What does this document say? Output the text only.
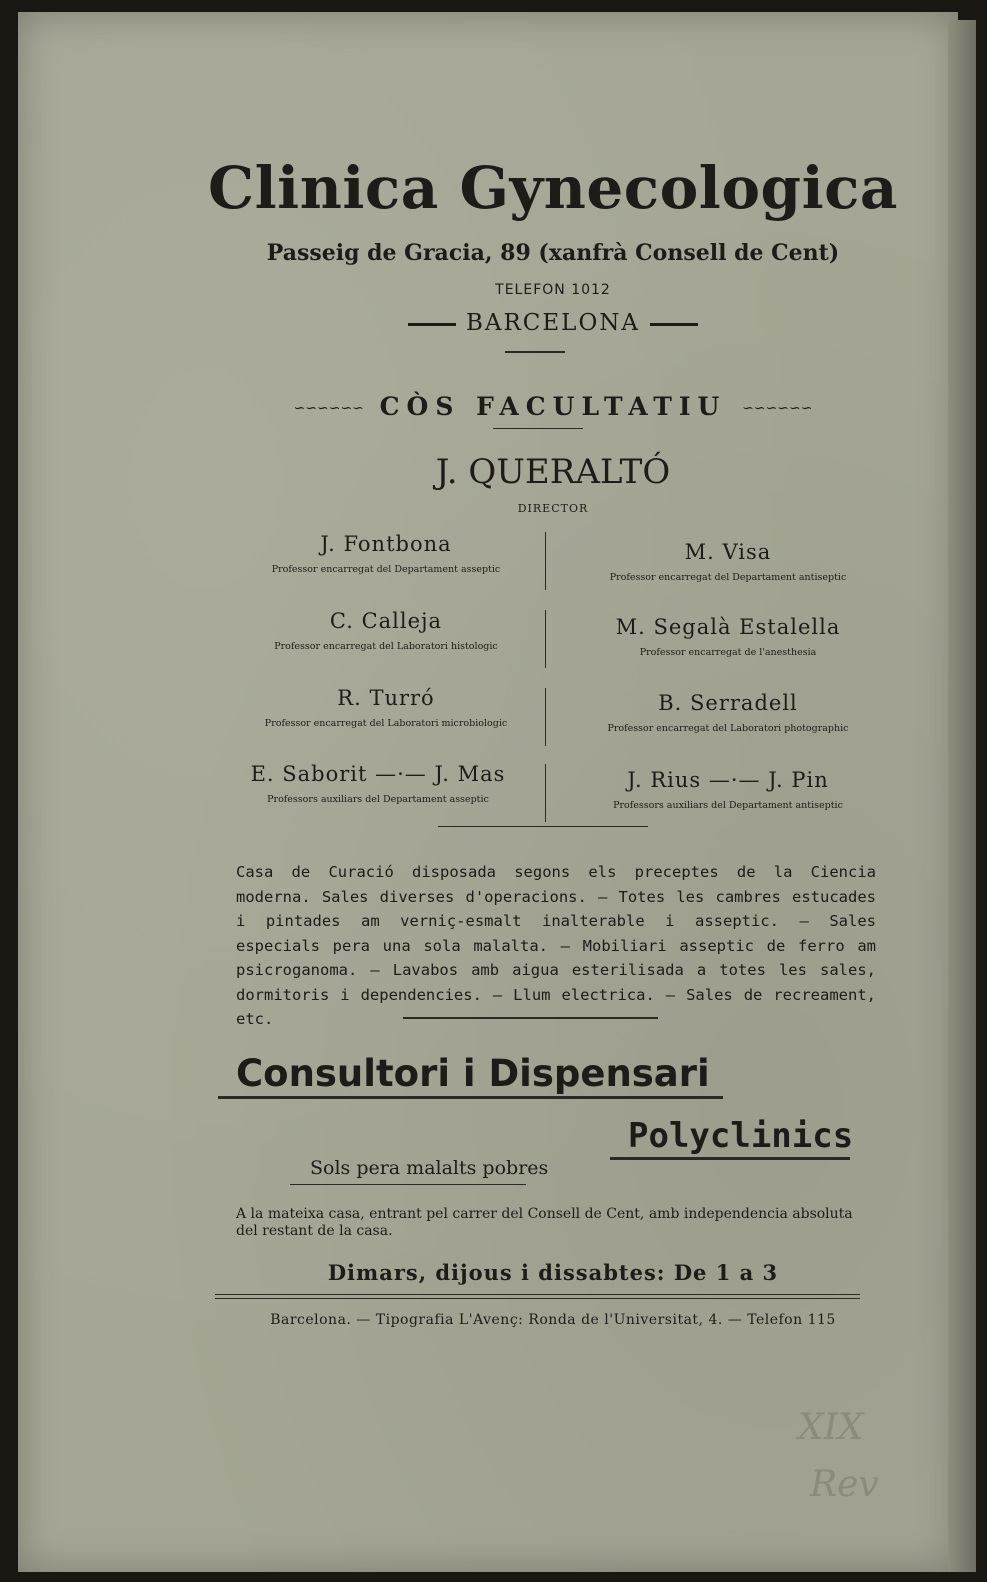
Clinica Gynecologica
Passeig de Gracia, 89 (xanfrà Consell de Cent)
TELEFON 1012
BARCELONA
∽∽∽∽∽∽ CÒS FACULTATIU ∽∽∽∽∽∽
J. QUERALTÓ
DIRECTOR
J. Fontbona
Professor encarregat del Departament asseptic
C. Calleja
Professor encarregat del Laboratori histologic
R. Turró
Professor encarregat del Laboratori microbiologic
E. Saborit —·— J. Mas
Professors auxiliars del Departament asseptic
M. Visa
Professor encarregat del Departament antiseptic
M. Segalà Estalella
Professor encarregat de l'anesthesia
B. Serradell
Professor encarregat del Laboratori photographic
J. Rius —·— J. Pin
Professors auxiliars del Departament antiseptic
Casa de Curació disposada segons els preceptes de la Ciencia moderna. Sales diverses d'operacions. — Totes les cambres estucades i pintades am verniç-esmalt inalterable i asseptic. — Sales especials pera una sola malalta. — Mobiliari asseptic de ferro am psicroganoma. — Lavabos amb aigua esterilisada a totes les sales, dormitoris i dependencies. — Llum electrica. — Sales de recreament, etc.
Consultori i Dispensari
Polyclinics
Sols pera malalts pobres
A la mateixa casa, entrant pel carrer del Consell de Cent, amb independencia absoluta del restant de la casa.
Dimars, dijous i dissabtes: De 1 a 3
Barcelona. — Tipografia L'Avenç: Ronda de l'Universitat, 4. — Telefon 115
XIX
Rev
